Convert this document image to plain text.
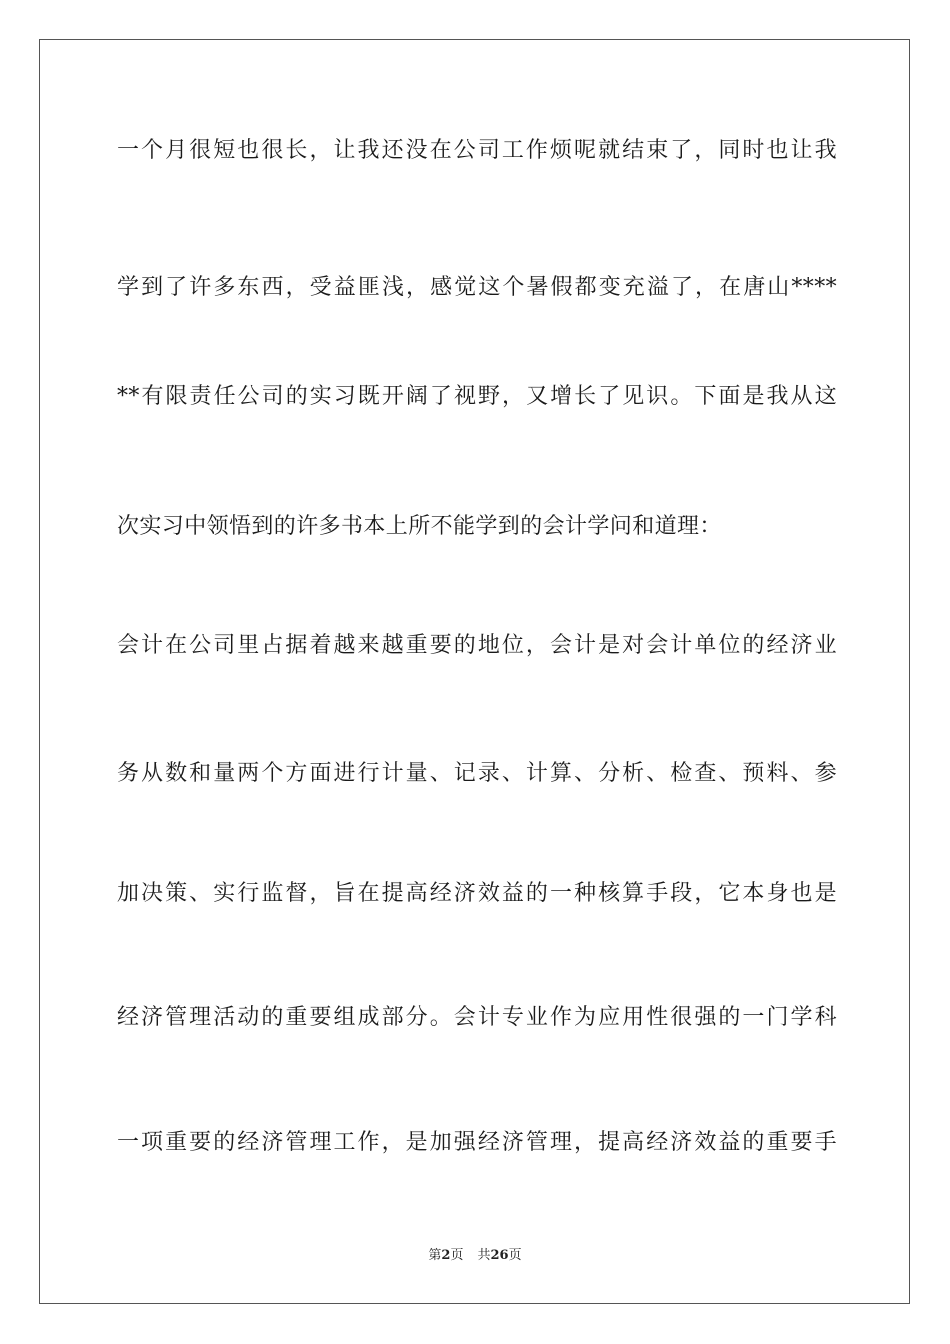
一个月很短也很长，让我还没在公司工作烦呢就结束了，同时也让我
学到了许多东西，受益匪浅，感觉这个暑假都变充溢了，在唐山****
**有限责任公司的实习既开阔了视野，又增长了见识。下面是我从这
次实习中领悟到的许多书本上所不能学到的会计学问和道理：
会计在公司里占据着越来越重要的地位，会计是对会计单位的经济业
务从数和量两个方面进行计量、记录、计算、分析、检查、预料、参
加决策、实行监督，旨在提高经济效益的一种核算手段，它本身也是
经济管理活动的重要组成部分。会计专业作为应用性很强的一门学科
一项重要的经济管理工作，是加强经济管理，提高经济效益的重要手
第2页 共26页
